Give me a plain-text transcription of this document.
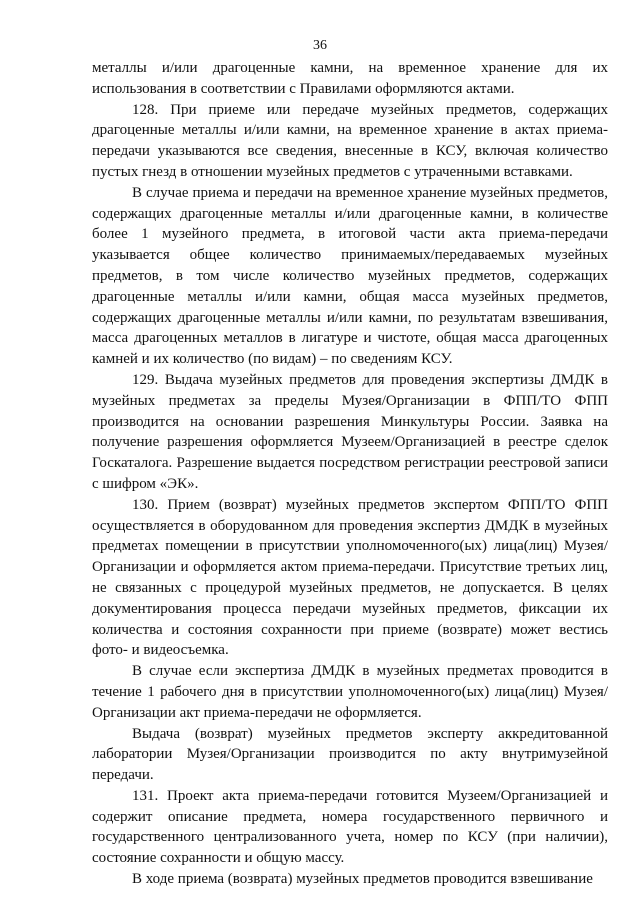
36

металлы и/или драгоценные камни, на временное хранение для их использования в соответствии с Правилами оформляются актами.

128. При приеме или передаче музейных предметов, содержащих драгоценные металлы и/или камни, на временное хранение в актах приема-передачи указываются все сведения, внесенные в КСУ, включая количество пустых гнезд в отношении музейных предметов с утраченными вставками.

В случае приема и передачи на временное хранение музейных предметов, содержащих драгоценные металлы и/или драгоценные камни, в количестве более 1 музейного предмета, в итоговой части акта приема-передачи указывается общее количество принимаемых/передаваемых музейных предметов, в том числе количество музейных предметов, содержащих драгоценные металлы и/или камни, общая масса музейных предметов, содержащих драгоценные металлы и/или камни, по результатам взвешивания, масса драгоценных металлов в лигатуре и чистоте, общая масса драгоценных камней и их количество (по видам) – по сведениям КСУ.

129. Выдача музейных предметов для проведения экспертизы ДМДК в музейных предметах за пределы Музея/Организации в ФПП/ТО ФПП производится на основании разрешения Минкультуры России. Заявка на получение разрешения оформляется Музеем/Организацией в реестре сделок Госкаталога. Разрешение выдается посредством регистрации реестровой записи с шифром «ЭК».

130. Прием (возврат) музейных предметов экспертом ФПП/ТО ФПП осуществляется в оборудованном для проведения экспертиз ДМДК в музейных предметах помещении в присутствии уполномоченного(ых) лица(лиц) Музея/Организации и оформляется актом приема-передачи. Присутствие третьих лиц, не связанных с процедурой музейных предметов, не допускается. В целях документирования процесса передачи музейных предметов, фиксации их количества и состояния сохранности при приеме (возврате) может вестись фото- и видеосъемка.

В случае если экспертиза ДМДК в музейных предметах проводится в течение 1 рабочего дня в присутствии уполномоченного(ых) лица(лиц) Музея/Организации акт приема-передачи не оформляется.

Выдача (возврат) музейных предметов эксперту аккредитованной лаборатории Музея/Организации производится по акту внутримузейной передачи.

131. Проект акта приема-передачи готовится Музеем/Организацией и содержит описание предмета, номера государственного первичного и государственного централизованного учета, номер по КСУ (при наличии), состояние сохранности и общую массу.

В ходе приема (возврата) музейных предметов проводится взвешивание
